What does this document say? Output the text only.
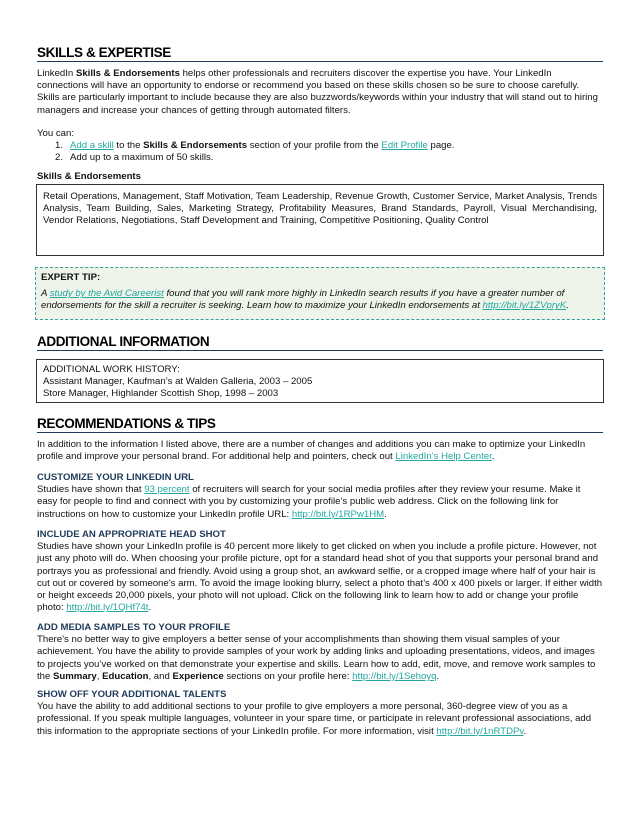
SKILLS & EXPERTISE

LinkedIn Skills & Endorsements helps other professionals and recruiters discover the expertise you have. Your LinkedIn connections will have an opportunity to endorse or recommend you based on these skills chosen so be sure to choose carefully. Skills are particularly important to include because they are also buzzwords/keywords within your industry that will stand out to hiring managers and increase your chances of getting through automated filters.

You can:

1. Add a skill to the Skills & Endorsements section of your profile from the Edit Profile page.
2. Add up to a maximum of 50 skills.

Skills & Endorsements

Retail Operations, Management, Staff Motivation, Team Leadership, Revenue Growth, Customer Service, Market Analysis, Trends Analysis, Team Building, Sales, Marketing Strategy, Profitability Measures, Brand Standards, Payroll, Visual Merchandising, Vendor Relations, Negotiations, Staff Development and Training, Competitive Positioning, Quality Control

EXPERT TIP:

A study by the Avid Careerist found that you will rank more highly in LinkedIn search results if you have a greater number of endorsements for the skill a recruiter is seeking. Learn how to maximize your LinkedIn endorsements at http://bit.ly/1ZVpryK.

ADDITIONAL INFORMATION

ADDITIONAL WORK HISTORY:

Assistant Manager, Kaufman’s at Walden Galleria, 2003 – 2005

Store Manager, Highlander Scottish Shop, 1998 – 2003

RECOMMENDATIONS & TIPS

In addition to the information I listed above, there are a number of changes and additions you can make to optimize your LinkedIn profile and improve your personal brand. For additional help and pointers, check out LinkedIn’s Help Center.

CUSTOMIZE YOUR LINKEDIN URL

Studies have shown that 93 percent of recruiters will search for your social media profiles after they review your resume. Make it easy for people to find and connect with you by customizing your profile’s public web address. Click on the following link for instructions on how to customize your LinkedIn profile URL: http://bit.ly/1RPw1HM.

INCLUDE AN APPROPRIATE HEAD SHOT

Studies have shown your LinkedIn profile is 40 percent more likely to get clicked on when you include a profile picture. However, not just any photo will do. When choosing your profile picture, opt for a standard head shot of you that supports your personal brand and portrays you as professional and friendly. Avoid using a group shot, an awkward selfie, or a cropped image where half of your hair is cut out or covered by someone’s arm. To avoid the image looking blurry, select a photo that’s 400 x 400 pixels or larger. If either width or height exceeds 20,000 pixels, your photo will not upload. Click on the following link to learn how to add or change your profile photo: http://bit.ly/1QHf74t.

ADD MEDIA SAMPLES TO YOUR PROFILE

There’s no better way to give employers a better sense of your accomplishments than showing them visual samples of your achievement. You have the ability to provide samples of your work by adding links and uploading presentations, videos, and images to projects you’ve worked on that demonstrate your expertise and skills. Learn how to add, edit, move, and remove work samples to the Summary, Education, and Experience sections on your profile here: http://bit.ly/1Sehoyq.

SHOW OFF YOUR ADDITIONAL TALENTS

You have the ability to add additional sections to your profile to give employers a more personal, 360-degree view of you as a professional. If you speak multiple languages, volunteer in your spare time, or participate in relevant professional associations, add this information to the appropriate sections of your LinkedIn profile. For more information, visit http://bit.ly/1nRTDPv.
